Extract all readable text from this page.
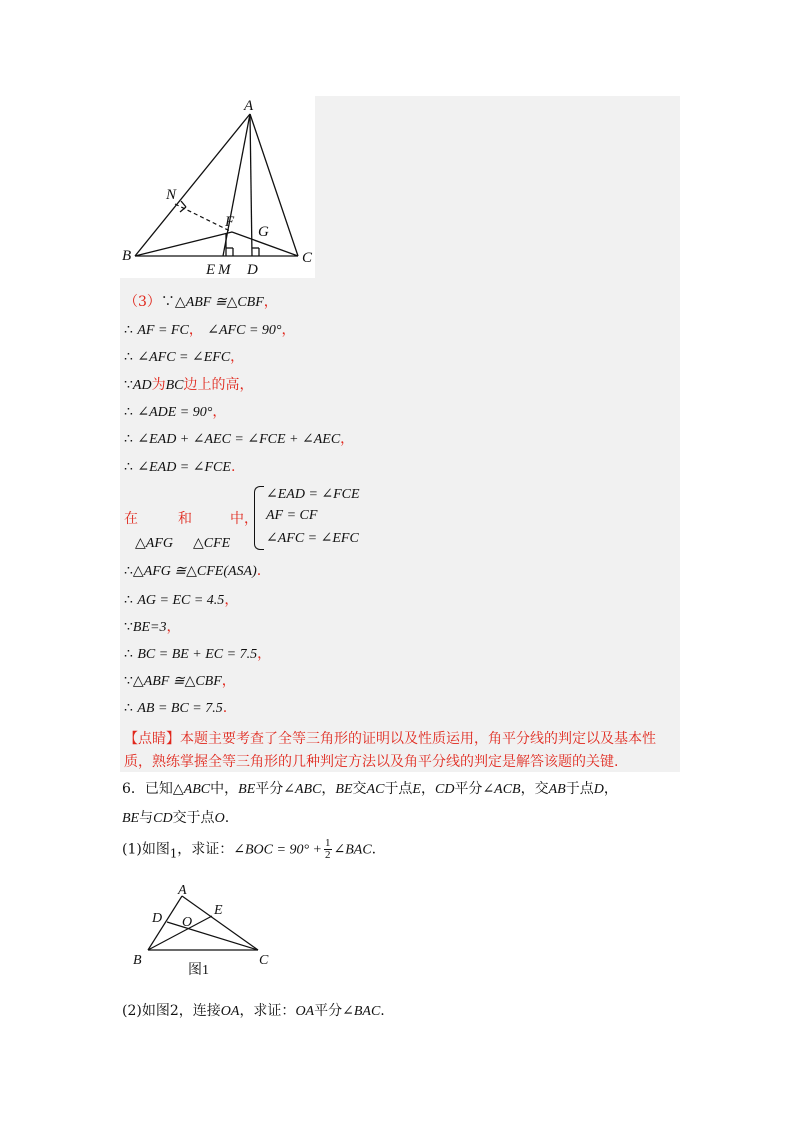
A
B	C
N
F
G
E M D
（3）∵△ABF ≅△CBF，
∴ AF = FC， ∠AFC = 90°，
∴ ∠AFC = ∠EFC，
∵AD为BC边上的高，
∴ ∠ADE = 90°，
∴ ∠EAD + ∠AEC = ∠FCE + ∠AEC，
∴ ∠EAD = ∠FCE.
在	和	中，
△AFG △CFE
∠EAD = ∠FCE
AF = CF
∠AFC = ∠EFC
∴△AFG ≅△CFE(ASA).
∴ AG = EC = 4.5，
∵BE=3，
∴ BC = BE + EC = 7.5，
∵△ABF ≅△CBF，
∴ AB = BC = 7.5.
【点睛】本题主要考查了全等三角形的证明以及性质运用，角平分线的判定以及基本性质，熟练掌握全等三角形的几种判定方法以及角平分线的判定是解答该题的关键.
6．已知△ABC中，BE平分∠ABC，BE交AC于点E，CD平分∠ACB，交AB于点D，
BE与CD交于点O.
(1)如图$_1$，求证：∠BOC = $90^\circ + \frac{1}{2}$ ∠BAC.
A
B	C
D
E
O
图1
(2)如图2，连接OA，求证：OA平分∠BAC.
